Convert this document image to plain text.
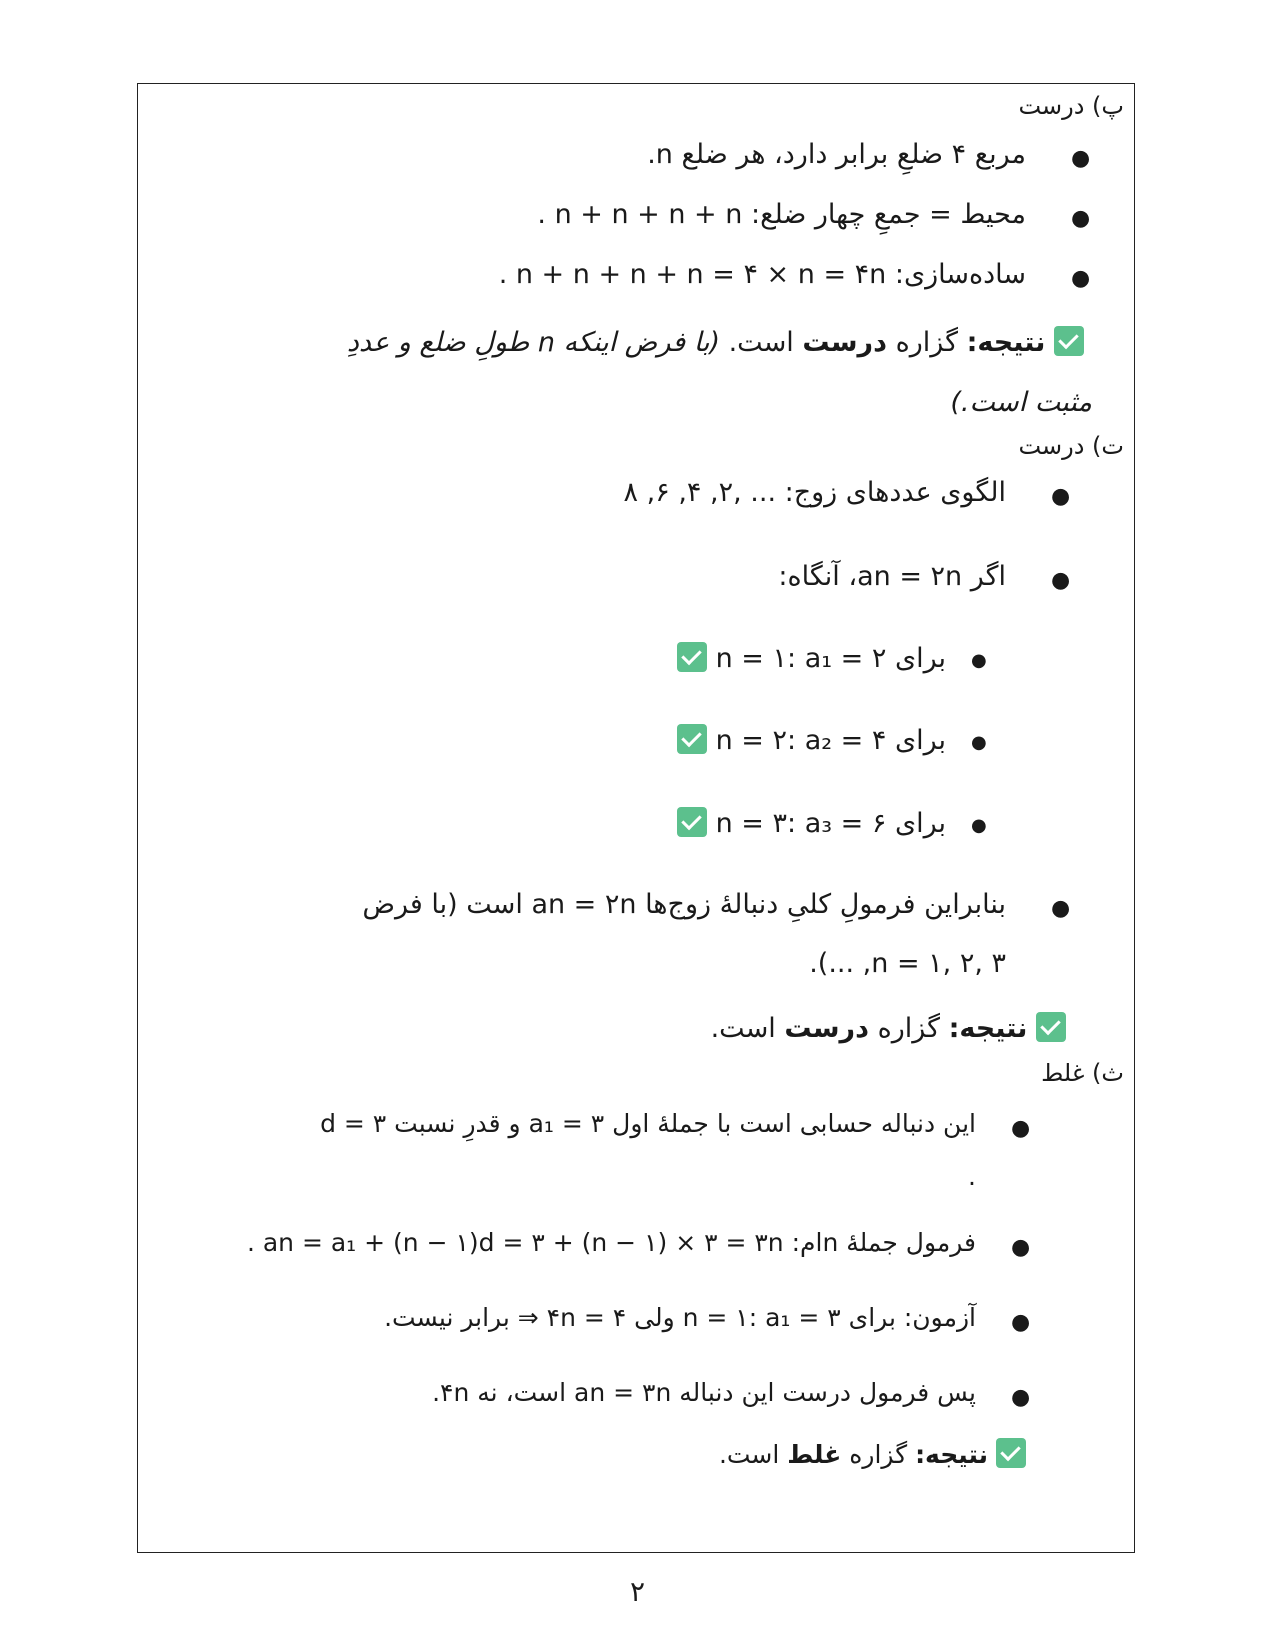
پ) درست
●
مربع ۴ ضلعِ برابر دارد، هر ضلع n.
●
محیط = جمعِ چهار ضلع: n + n + n + n .
●
ساده‌سازی: n + n + n + n = ۴ × n = ۴n .
نتیجه: گزاره درست است. (با فرض اینکه n طولِ ضلع و عددِ
مثبت است.)
ت) درست
●
الگوی عددهای زوج: ... ,۲, ۴, ۶, ۸
●
اگر an = ۲n، آنگاه:
●
برای n = ۱: a₁ = ۲
●
برای n = ۲: a₂ = ۴
●
برای n = ۳: a₃ = ۶
●
بنابراین فرمولِ کلیِ دنبالهٔ زوج‌ها an = ۲n است (با فرض
n = ۱, ۲, ۳, ...).
نتیجه: گزاره درست است.
ث) غلط
●
این دنباله حسابی است با جملهٔ اول a₁ = ۳ و قدرِ نسبت d = ۳
.
●
فرمول جملهٔ nام: an = a₁ + (n − ۱)d = ۳ + (n − ۱) × ۳ = ۳n .
●
آزمون: برای n = ۱: a₁ = ۳ ولی ۴n = ۴ ⇒ برابر نیست.
●
پس فرمول درست این دنباله an = ۳n است، نه ۴n.
نتیجه: گزاره غلط است.
۲
